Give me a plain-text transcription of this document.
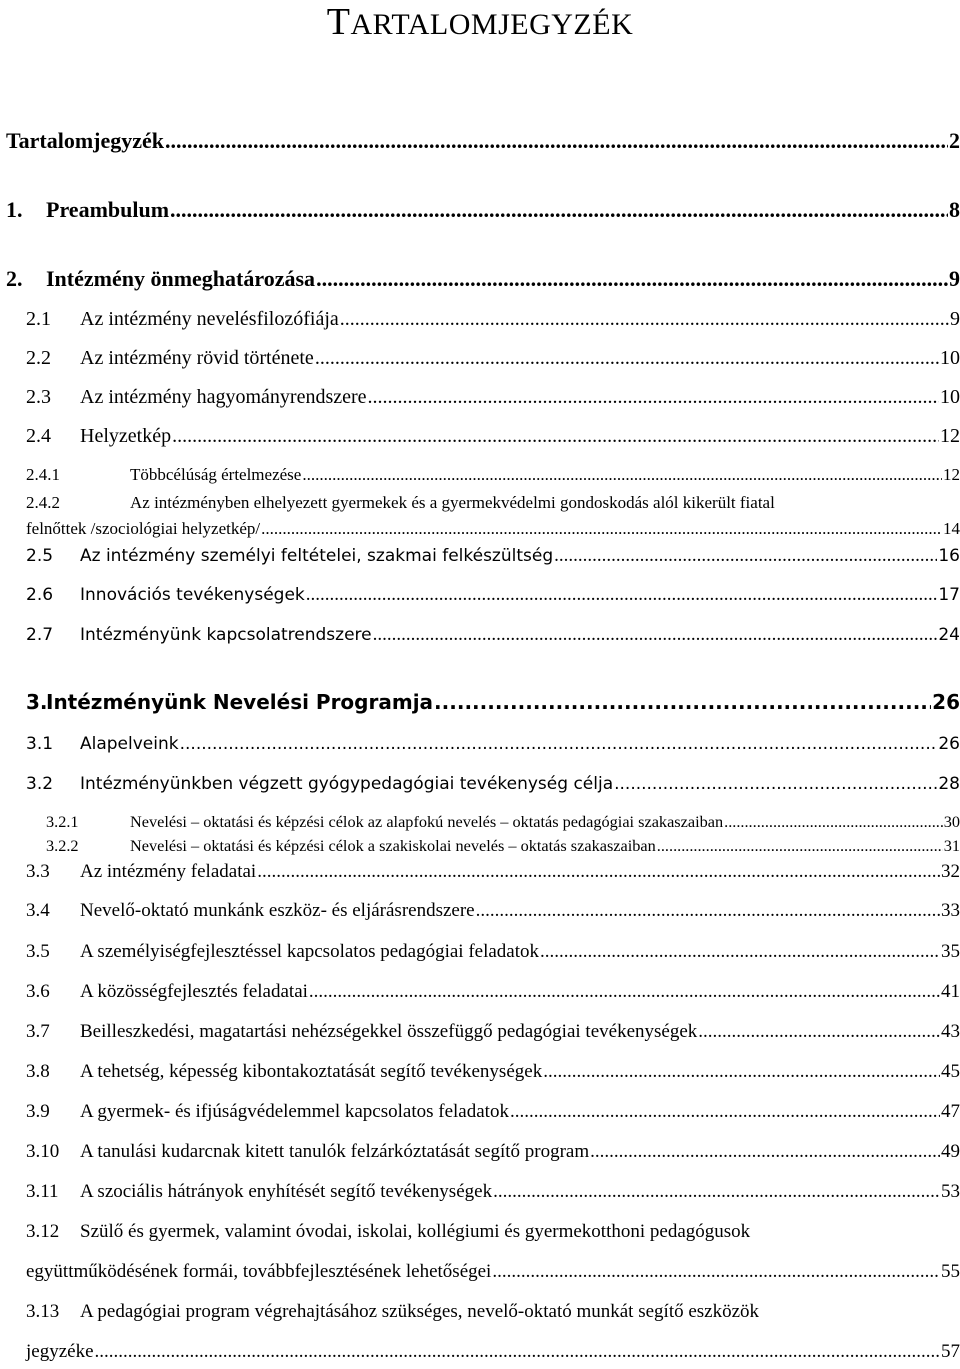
TARTALOMJEGYZÉK
Tartalomjegyzék .....	2
1.	Preambulum .....	8
2.	Intézmény önmeghatározása .....	9
2.1	Az intézmény nevelésfilozófiája .....	9
2.2	Az intézmény rövid története .....	10
2.3	Az intézmény hagyományrendszere .....	10
2.4	Helyzetkép .....	12
2.4.1	Többcélúság értelmezése .....	12
2.4.2	Az intézményben elhelyezett gyermekek és a gyermekvédelmi gondoskodás alól kikerült fiatal
felnőttek /szociológiai helyzetkép/ .....	14
2.5	Az intézmény személyi feltételei, szakmai felkészültség .....	16
2.6	Innovációs tevékenységek .....	17
2.7	Intézményünk kapcsolatrendszere .....	24
3.
Intézményünk Nevelési Programja .....	26
3.1	Alapelveink .....	26
3.2	Intézményünkben végzett gyógypedagógiai tevékenység célja .....	28
3.2.1	Nevelési – oktatási és képzési célok az alapfokú nevelés – oktatás pedagógiai szakaszaiban .....	30
3.2.2	Nevelési – oktatási és képzési célok a szakiskolai nevelés – oktatás szakaszaiban .....	31
3.3	Az intézmény feladatai .....	32
3.4	Nevelő-oktató munkánk eszköz- és eljárásrendszere .....	33
3.5	A személyiségfejlesztéssel kapcsolatos pedagógiai feladatok .....	35
3.6	A közösségfejlesztés feladatai .....	41
3.7	Beilleszkedési, magatartási nehézségekkel összefüggő pedagógiai tevékenységek .....	43
3.8	A tehetség, képesség kibontakoztatását segítő tevékenységek .....	45
3.9	A gyermek- és ifjúságvédelemmel kapcsolatos feladatok .....	47
3.10	A tanulási kudarcnak kitett tanulók felzárkóztatását segítő program .....	49
3.11	A szociális hátrányok enyhítését segítő tevékenységek .....	53
3.12 Szülő és gyermek, valamint óvodai, iskolai, kollégiumi és gyermekotthoni pedagógusok
együttműködésének formái, továbbfejlesztésének lehetőségei .....	55
3.13 A pedagógiai program végrehajtásához szükséges, nevelő-oktató munkát segítő eszközök
jegyzéke .....	57
